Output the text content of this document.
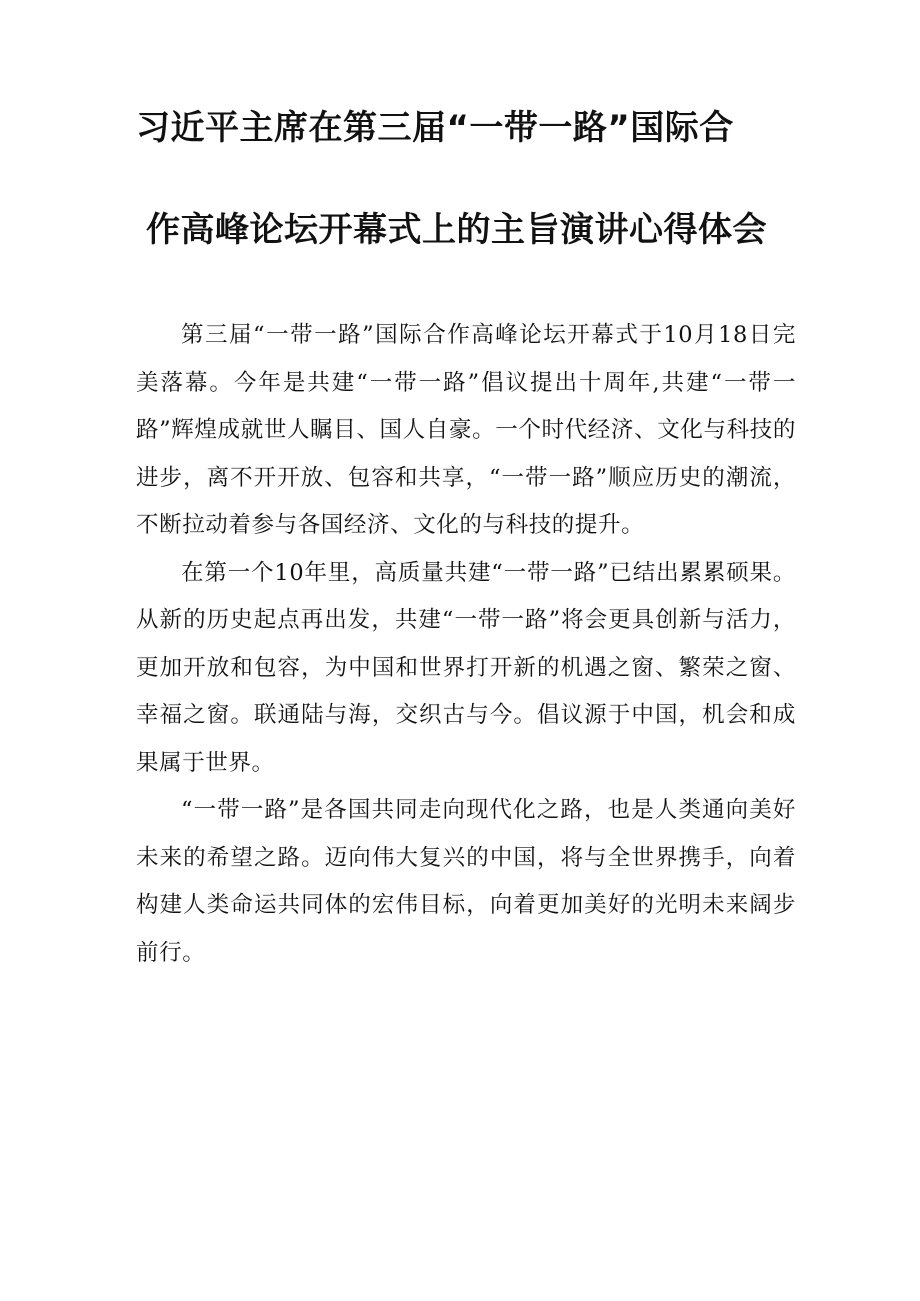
习近平主席在第三届“一带一路”国际合
作高峰论坛开幕式上的主旨演讲心得体会

第三届“一带一路”国际合作高峰论坛开幕式于10月18日完美落幕。今年是共建“一带一路”倡议提出十周年,共建“一带一路”辉煌成就世人瞩目、国人自豪。一个时代经济、文化与科技的进步，离不开开放、包容和共享，“一带一路”顺应历史的潮流，不断拉动着参与各国经济、文化的与科技的提升。

在第一个10年里，高质量共建“一带一路”已结出累累硕果。从新的历史起点再出发，共建“一带一路”将会更具创新与活力，更加开放和包容，为中国和世界打开新的机遇之窗、繁荣之窗、幸福之窗。联通陆与海，交织古与今。倡议源于中国，机会和成果属于世界。

“一带一路”是各国共同走向现代化之路，也是人类通向美好未来的希望之路。迈向伟大复兴的中国，将与全世界携手，向着构建人类命运共同体的宏伟目标，向着更加美好的光明未来阔步前行。
